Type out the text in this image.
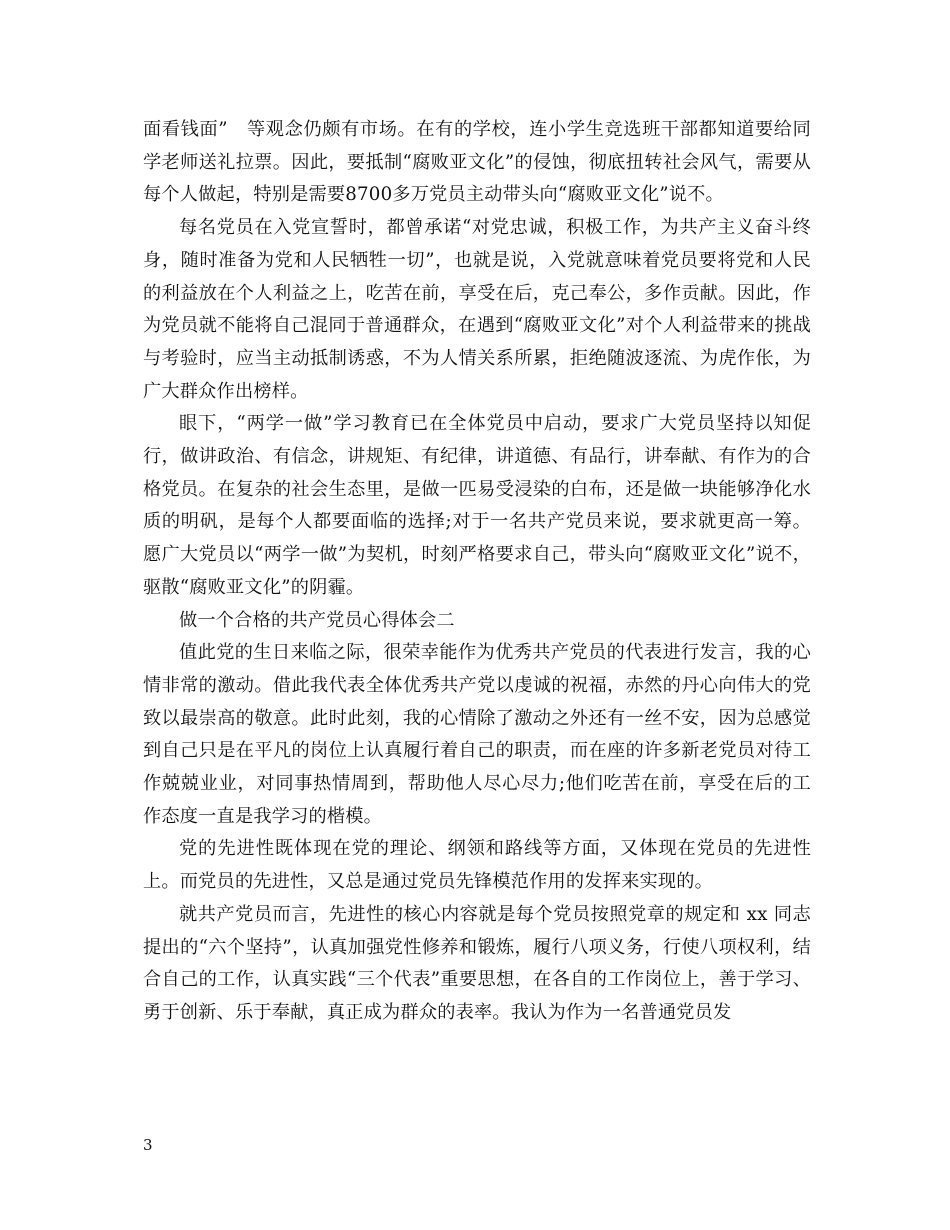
面看钱面”　等观念仍颇有市场。在有的学校，连小学生竞选班干部都知道要给同学老师送礼拉票。因此，要抵制“腐败亚文化”的侵蚀，彻底扭转社会风气，需要从每个人做起，特别是需要8700多万党员主动带头向“腐败亚文化”说不。

每名党员在入党宣誓时，都曾承诺“对党忠诚，积极工作，为共产主义奋斗终身，随时准备为党和人民牺牲一切”，也就是说，入党就意味着党员要将党和人民的利益放在个人利益之上，吃苦在前，享受在后，克己奉公，多作贡献。因此，作为党员就不能将自己混同于普通群众，在遇到“腐败亚文化”对个人利益带来的挑战与考验时，应当主动抵制诱惑，不为人情关系所累，拒绝随波逐流、为虎作伥，为广大群众作出榜样。

眼下，“两学一做”学习教育已在全体党员中启动，要求广大党员坚持以知促行，做讲政治、有信念，讲规矩、有纪律，讲道德、有品行，讲奉献、有作为的合格党员。在复杂的社会生态里，是做一匹易受浸染的白布，还是做一块能够净化水质的明矾，是每个人都要面临的选择;对于一名共产党员来说，要求就更高一筹。愿广大党员以“两学一做”为契机，时刻严格要求自己，带头向“腐败亚文化”说不，驱散“腐败亚文化”的阴霾。

做一个合格的共产党员心得体会二

值此党的生日来临之际，很荣幸能作为优秀共产党员的代表进行发言，我的心情非常的激动。借此我代表全体优秀共产党以虔诚的祝福，赤然的丹心向伟大的党致以最崇高的敬意。此时此刻，我的心情除了激动之外还有一丝不安，因为总感觉到自己只是在平凡的岗位上认真履行着自己的职责，而在座的许多新老党员对待工作兢兢业业，对同事热情周到，帮助他人尽心尽力;他们吃苦在前，享受在后的工作态度一直是我学习的楷模。

党的先进性既体现在党的理论、纲领和路线等方面，又体现在党员的先进性上。而党员的先进性，又总是通过党员先锋模范作用的发挥来实现的。

就共产党员而言，先进性的核心内容就是每个党员按照党章的规定和 xx 同志提出的“六个坚持”，认真加强党性修养和锻炼，履行八项义务，行使八项权利，结合自己的工作，认真实践“三个代表”重要思想，在各自的工作岗位上，善于学习、勇于创新、乐于奉献，真正成为群众的表率。我认为作为一名普通党员发

3
